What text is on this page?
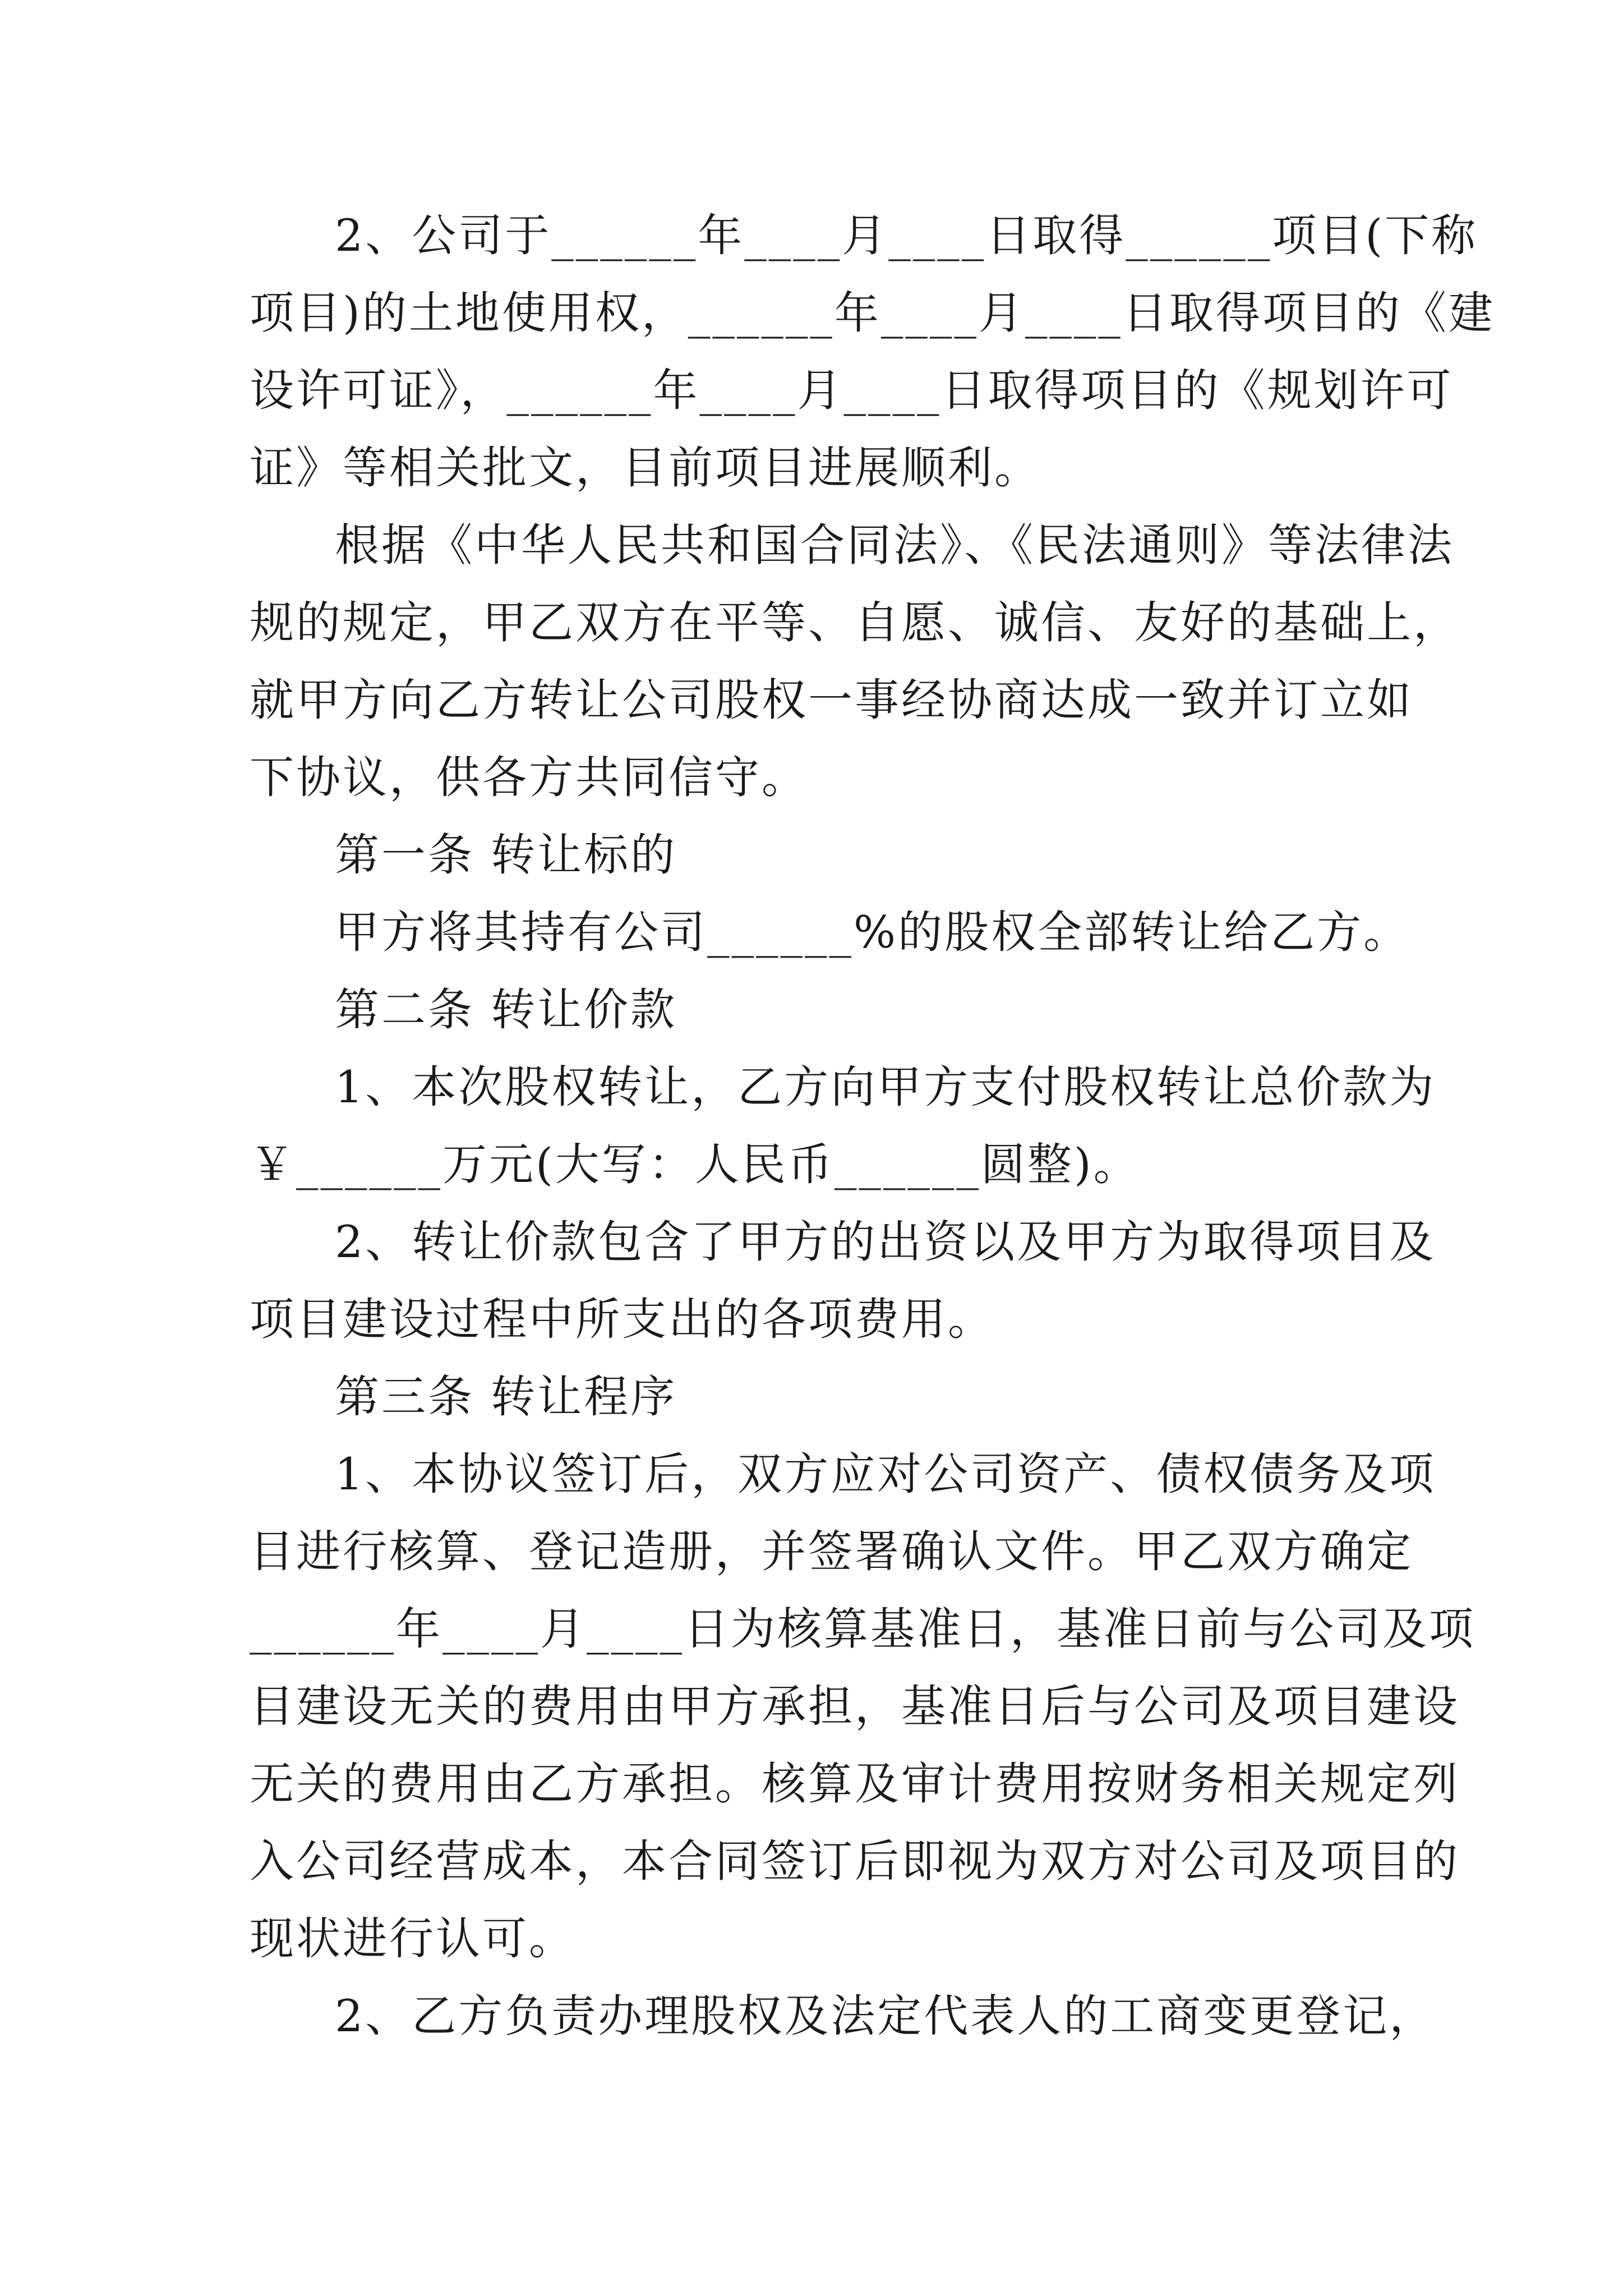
2、公司于______年____月____日取得______项目(下称
项目)的土地使用权，______年____月____日取得项目的《建
设许可证》，______年____月____日取得项目的《规划许可
证》等相关批文，目前项目进展顺利。
根据《中华人民共和国合同法》、《民法通则》等法律法
规的规定，甲乙双方在平等、自愿、诚信、友好的基础上，
就甲方向乙方转让公司股权一事经协商达成一致并订立如
下协议，供各方共同信守。
第一条 转让标的
甲方将其持有公司______%的股权全部转让给乙方。
第二条 转让价款
1、本次股权转让，乙方向甲方支付股权转让总价款为
￥______万元(大写：人民币______圆整)。
2、转让价款包含了甲方的出资以及甲方为取得项目及
项目建设过程中所支出的各项费用。
第三条 转让程序
1、本协议签订后，双方应对公司资产、债权债务及项
目进行核算、登记造册，并签署确认文件。甲乙双方确定
______年____月____日为核算基准日，基准日前与公司及项
目建设无关的费用由甲方承担，基准日后与公司及项目建设
无关的费用由乙方承担。核算及审计费用按财务相关规定列
入公司经营成本，本合同签订后即视为双方对公司及项目的
现状进行认可。
2、乙方负责办理股权及法定代表人的工商变更登记，
